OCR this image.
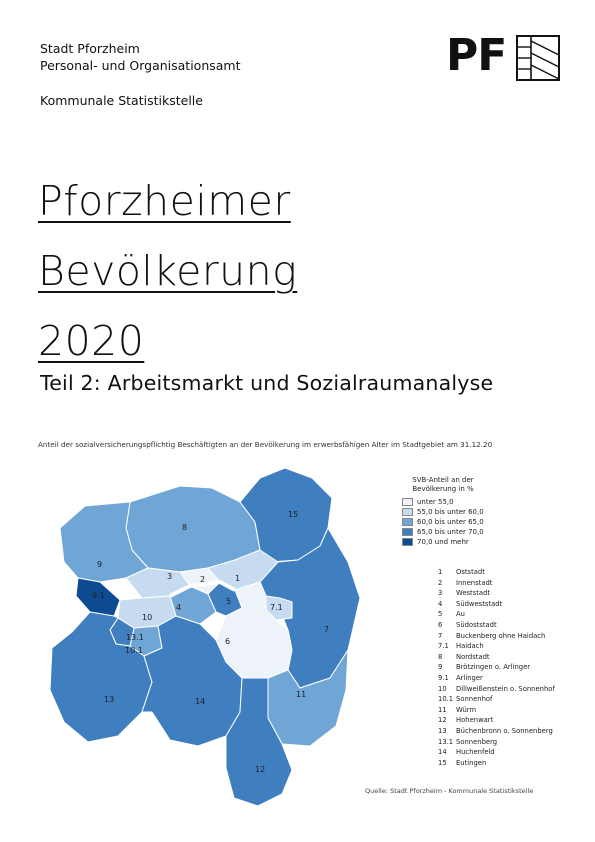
Stadt Pforzheim
Personal- und Organisationsamt
Kommunale Statistikstelle
PF
Pforzheimer
Bevölkerung
2020
Teil 2: Arbeitsmarkt und Sozialraumanalyse
Anteil der sozialversicherungspflichtig Beschäftigten an der Bevölkerung im erwerbsfähigen Alter im Stadtgebiet am 31.12.20
1
2
3
4
5
6
7
7.1
8
9
9.1
10
10.1
11
12
13
13.1
14
15
SVB-Anteil an der
Bevölkerung in %
unter 55,0
55,0 bis unter 60,0
60,0 bis unter 65,0
65,0 bis unter 70,0
70,0 und mehr
1	Oststadt
2	Innenstadt
3	Weststadt
4	Südweststadt
5	Au
6	Südoststadt
7	Buckenberg ohne Haidach
7.1	Haidach
8	Nordstadt
9	Brötzingen o. Arlinger
9.1	Arlinger
10	Dillweißenstein o. Sonnenhof
10.1 Sonnenhof
11	Würm
12	Hohenwart
13	Büchenbronn o. Sonnenberg
13.1 Sonnenberg
14	Huchenfeld
15	Eutingen
Quelle: Stadt Pforzheim - Kommunale Statistikstelle
